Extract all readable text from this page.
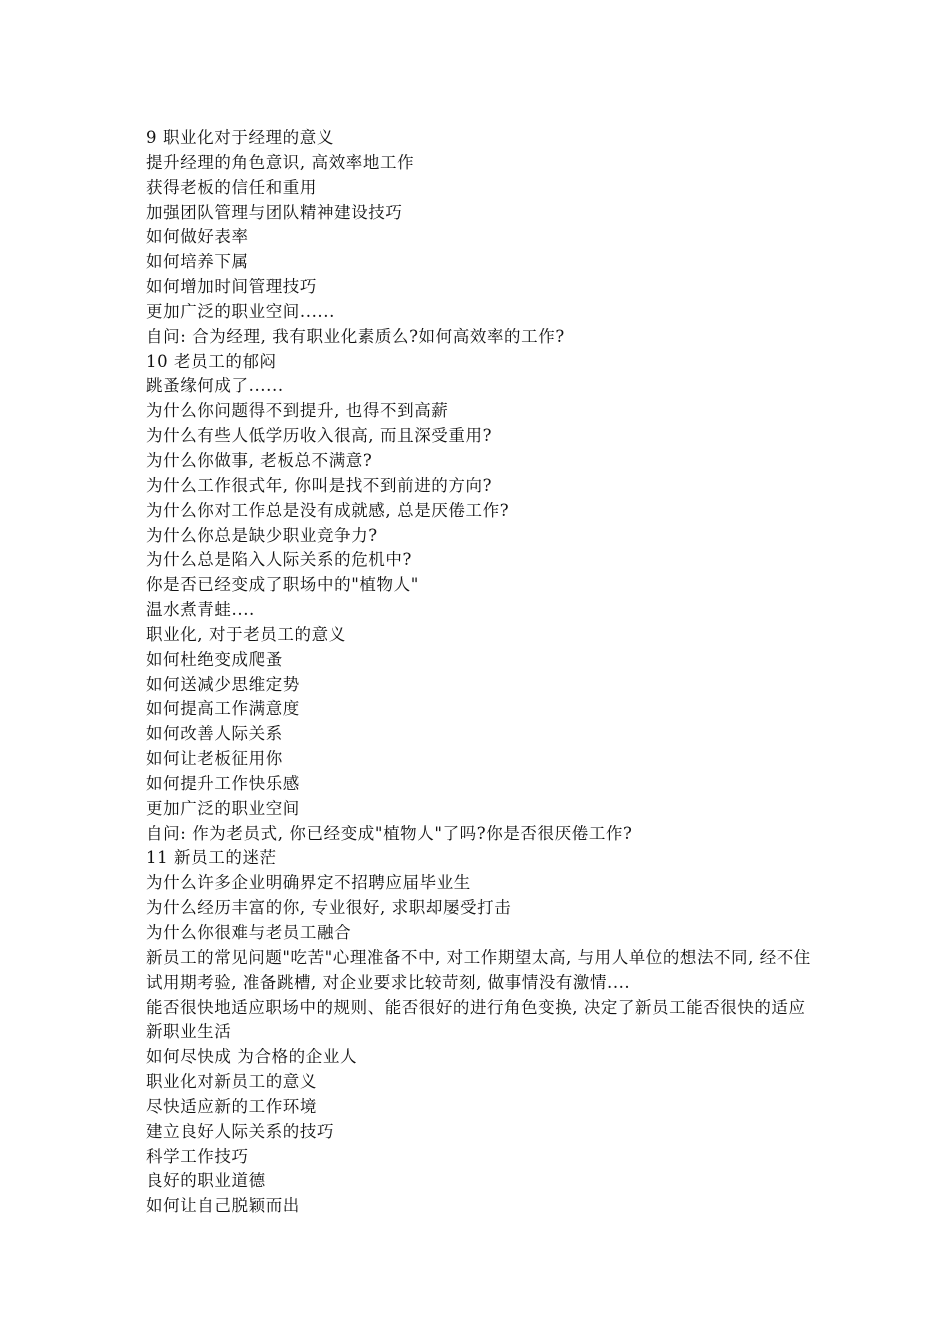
9 职业化对于经理的意义
提升经理的角色意识, 高效率地工作
获得老板的信任和重用
加强团队管理与团队精神建设技巧
如何做好表率
如何培养下属
如何增加时间管理技巧
更加广泛的职业空间......
自问: 合为经理, 我有职业化素质么?如何高效率的工作?
10 老员工的郁闷
跳蚤缘何成了......
为什么你问题得不到提升, 也得不到高薪
为什么有些人低学历收入很高, 而且深受重用?
为什么你做事, 老板总不满意?
为什么工作很式年, 你叫是找不到前进的方向?
为什么你对工作总是没有成就感, 总是厌倦工作?
为什么你总是缺少职业竞争力?
为什么总是陷入人际关系的危机中?
你是否已经变成了职场中的"植物人"
温水煮青蛙....
职业化, 对于老员工的意义
如何杜绝变成爬蚤
如何送减少思维定势
如何提高工作满意度
如何改善人际关系
如何让老板征用你
如何提升工作快乐感
更加广泛的职业空间
自问: 作为老员式, 你已经变成"植物人"了吗?你是否很厌倦工作?
11 新员工的迷茫
为什么许多企业明确界定不招聘应届毕业生
为什么经历丰富的你, 专业很好, 求职却屡受打击
为什么你很难与老员工融合
新员工的常见问题"吃苦"心理准备不中, 对工作期望太高, 与用人单位的想法不同, 经不住试用期考验, 准备跳槽, 对企业要求比较苛刻, 做事情没有激情....
能否很快地适应职场中的规则、能否很好的进行角色变换, 决定了新员工能否很快的适应新职业生活
如何尽快成 为合格的企业人
职业化对新员工的意义
尽快适应新的工作环境
建立良好人际关系的技巧
科学工作技巧
良好的职业道德
如何让自己脱颖而出
